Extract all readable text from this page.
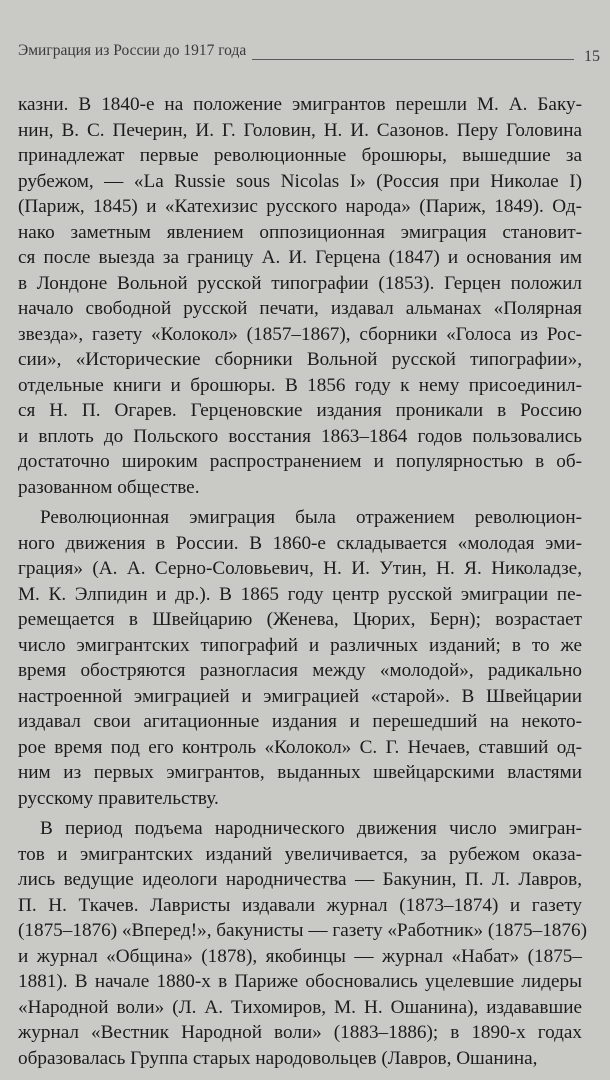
Эмиграция из России до 1917 года	15
казни. В 1840-е на положение эмигрантов перешли М. А. Баку-
нин, В. С. Печерин, И. Г. Головин, Н. И. Сазонов. Перу Головина
принадлежат первые революционные брошюры, вышедшие за
рубежом, — «La Russie sous Nicolas I» (Россия при Николае I)
(Париж, 1845) и «Катехизис русского народа» (Париж, 1849). Од-
нако заметным явлением оппозиционная эмиграция становит-
ся после выезда за границу А. И. Герцена (1847) и основания им
в Лондоне Вольной русской типографии (1853). Герцен положил
начало свободной русской печати, издавал альманах «Полярная
звезда», газету «Колокол» (1857–1867), сборники «Голоса из Рос-
сии», «Исторические сборники Вольной русской типографии»,
отдельные книги и брошюры. В 1856 году к нему присоединил-
ся Н. П. Огарев. Герценовские издания проникали в Россию
и вплоть до Польского восстания 1863–1864 годов пользовались
достаточно широким распространением и популярностью в об-
разованном обществе.
Революционная эмиграция была отражением революцион-
ного движения в России. В 1860-е складывается «молодая эми-
грация» (А. А. Серно-Соловьевич, Н. И. Утин, Н. Я. Николадзе,
М. К. Элпидин и др.). В 1865 году центр русской эмиграции пе-
ремещается в Швейцарию (Женева, Цюрих, Берн); возрастает
число эмигрантских типографий и различных изданий; в то же
время обостряются разногласия между «молодой», радикально
настроенной эмиграцией и эмиграцией «старой». В Швейцарии
издавал свои агитационные издания и перешедший на некото-
рое время под его контроль «Колокол» С. Г. Нечаев, ставший од-
ним из первых эмигрантов, выданных швейцарскими властями
русскому правительству.
В период подъема народнического движения число эмигран-
тов и эмигрантских изданий увеличивается, за рубежом оказа-
лись ведущие идеологи народничества — Бакунин, П. Л. Лавров,
П. Н. Ткачев. Лавристы издавали журнал (1873–1874) и газету
(1875–1876) «Вперед!», бакунисты — газету «Работник» (1875–1876)
и журнал «Община» (1878), якобинцы — журнал «Набат» (1875–
1881). В начале 1880-х в Париже обосновались уцелевшие лидеры
«Народной воли» (Л. А. Тихомиров, М. Н. Ошанина), издававшие
журнал «Вестник Народной воли» (1883–1886); в 1890-х годах
образовалась Группа старых народовольцев (Лавров, Ошанина,
